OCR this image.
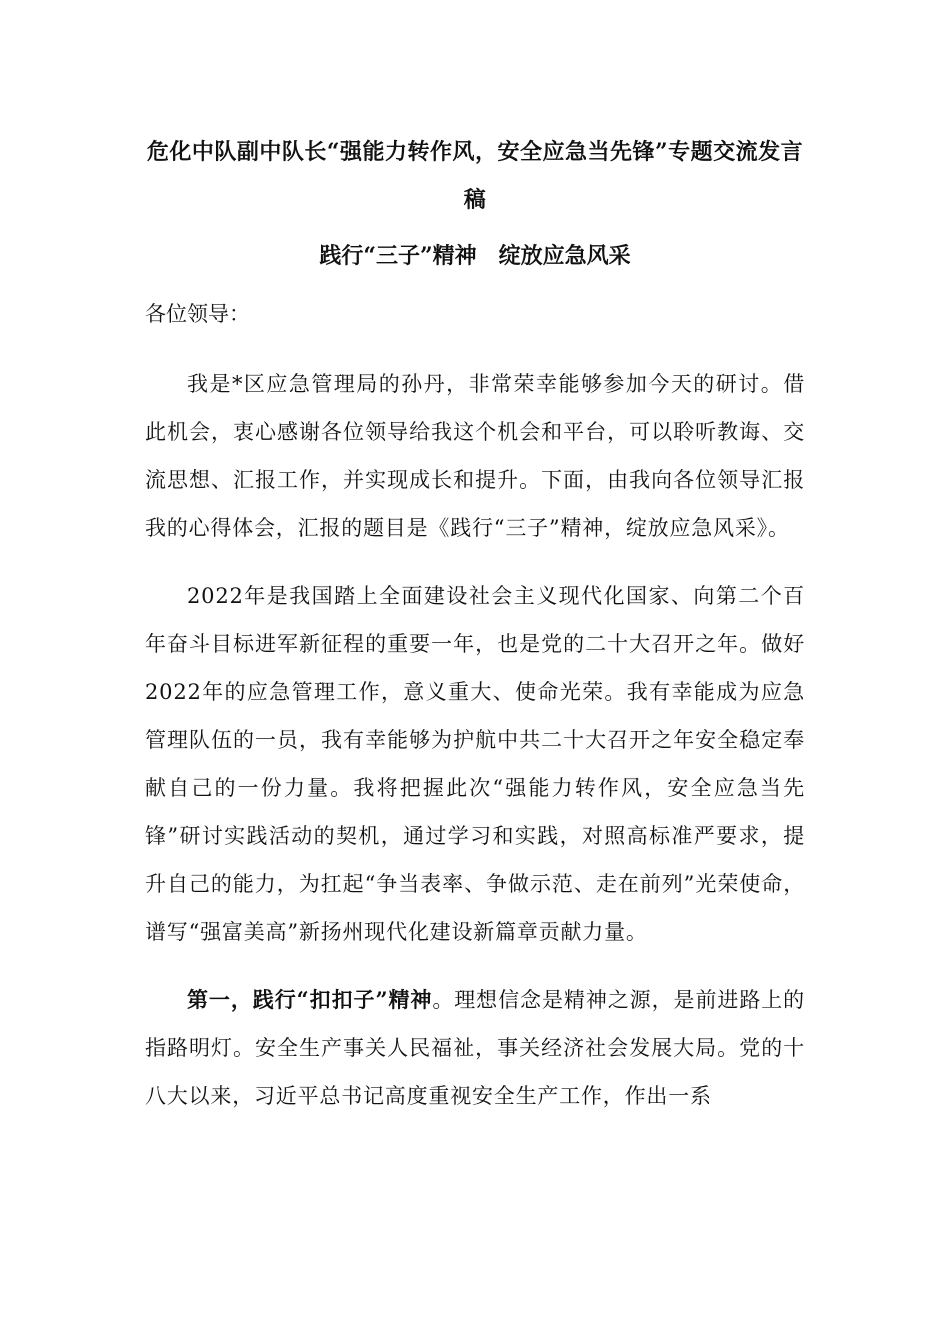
危化中队副中队长“强能力转作风，安全应急当先锋”专题交流发言稿
践行“三子”精神 绽放应急风采

各位领导：

我是*区应急管理局的孙丹，非常荣幸能够参加今天的研讨。借此机会，衷心感谢各位领导给我这个机会和平台，可以聆听教诲、交流思想、汇报工作，并实现成长和提升。下面，由我向各位领导汇报我的心得体会，汇报的题目是《践行“三子”精神，绽放应急风采》。

2022年是我国踏上全面建设社会主义现代化国家、向第二个百年奋斗目标进军新征程的重要一年，也是党的二十大召开之年。做好2022年的应急管理工作，意义重大、使命光荣。我有幸能成为应急管理队伍的一员，我有幸能够为护航中共二十大召开之年安全稳定奉献自己的一份力量。我将把握此次“强能力转作风，安全应急当先锋”研讨实践活动的契机，通过学习和实践，对照高标准严要求，提升自己的能力，为扛起“争当表率、争做示范、走在前列”光荣使命，谱写“强富美高”新扬州现代化建设新篇章贡献力量。

第一，践行“扣扣子”精神。理想信念是精神之源，是前进路上的指路明灯。安全生产事关人民福祉，事关经济社会发展大局。党的十八大以来，习近平总书记高度重视安全生产工作，作出一系
